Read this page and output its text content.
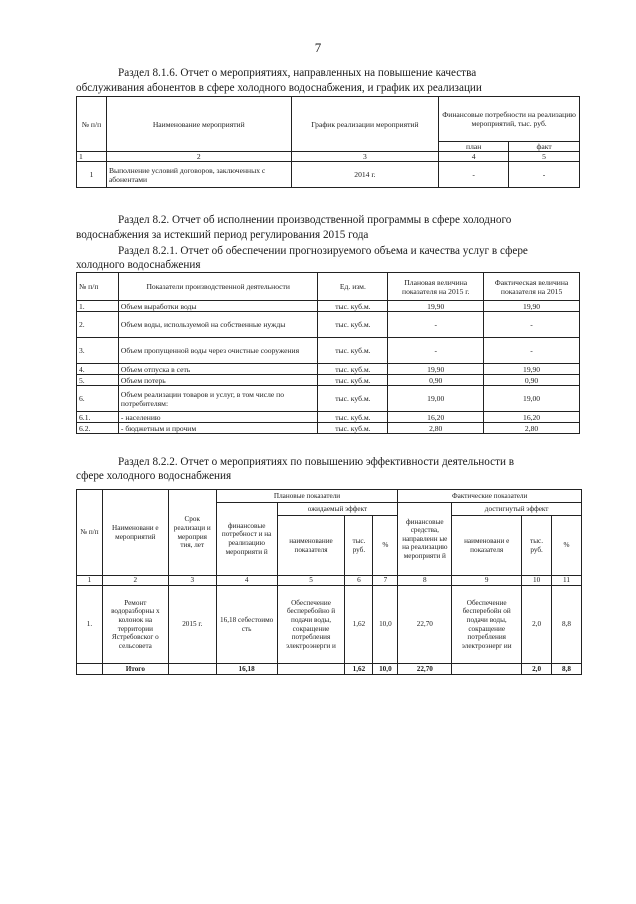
7
Раздел 8.1.6. Отчет о мероприятиях, направленных на повышение качества
обслуживания абонентов в сфере холодного водоснабжения, и график их реализации
№ п/п	Наименование мероприятий	График реализации мероприятий	Финансовые потребности на реализацию мероприятий, тыс. руб.	
			план	факт
1	2	3	4	5
1	Выполнение условий договоров, заключенных с абонентами	2014 г.	-	-
Раздел 8.2. Отчет об исполнении производственной программы в сфере холодного
водоснабжения за истекший период регулирования 2015 года
Раздел 8.2.1. Отчет об обеспечении прогнозируемого объема и качества услуг в сфере
холодного водоснабжения
№ п/п	Показатели производственной деятельности	Ед. изм.	Плановая величина показателя на 2015 г.	Фактическая величина показателя на 2015
1.	Объем выработки воды	тыс. куб.м.	19,90	19,90
2.	Объем воды, используемой на собственные нужды	тыс. куб.м.	-	-
3.	Объем пропущенной воды через очистные сооружения	тыс. куб.м.	-	-
4.	Объем отпуска в сеть	тыс. куб.м.	19,90	19,90
5.	Объем потерь	тыс. куб.м.	0,90	0,90
6.	Объем реализации товаров и услуг, в том числе по потребителям:	тыс. куб.м.	19,00	19,00
6.1.	- населению	тыс. куб.м.	16,20	16,20
6.2.	- бюджетным и прочим	тыс. куб.м.	2,80	2,80
Раздел 8.2.2. Отчет о мероприятиях по повышению эффективности деятельности в
сфере холодного водоснабжения
№ п/п	Наименовани е мероприятий	Срок реализаци и мероприя тия, лет	Плановые показатели				Фактические показатели			
			финансовые потребност и на реализацию мероприяти й	ожидаемый эффект			финансовые средства, направленн ые на реализацию мероприяти й	достигнутый эффект		
				наименование показателя	тыс. руб.	%		наименовани е показателя	тыс. руб.	%
1	2	3	4	5	6	7	8	9	10	11
1.	Ремонт водоразборны х колонок на территории Ястребовског о сельсовета	2015 г.	16,18 себестоимо сть	Обеспечение бесперебойно й подачи воды, сокращение потребления электроэнерги и	1,62	10,0	22,70	Обеспечение бесперебойн ой подачи воды, сокращение потребления электроэнерг ии	2,0	8,8
	Итого		16,18		1,62	10,0	22,70		2,0	8,8
